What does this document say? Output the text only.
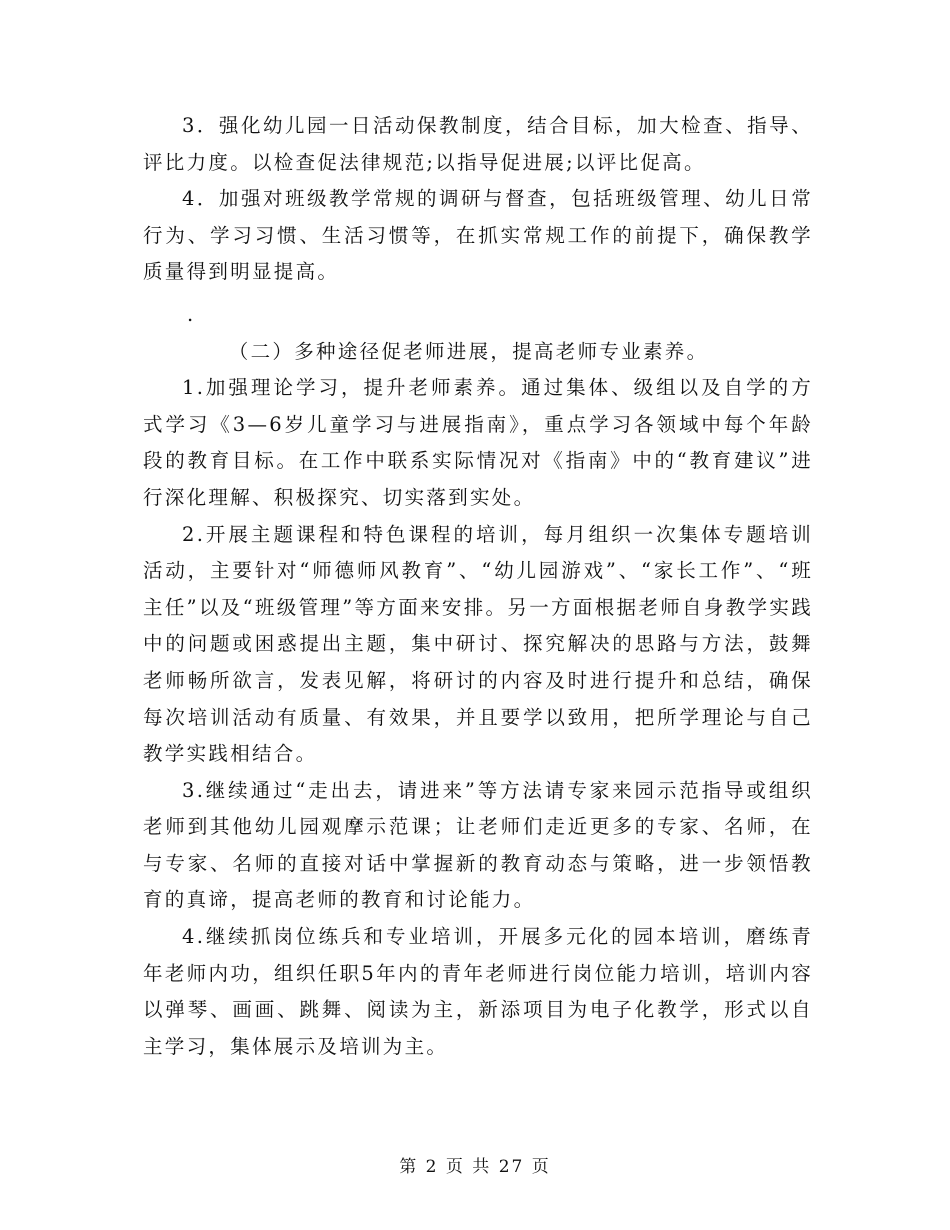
3．强化幼儿园一日活动保教制度，结合目标，加大检查、指导、评比力度。以检查促法律规范;以指导促进展;以评比促高。

4．加强对班级教学常规的调研与督查，包括班级管理、幼儿日常行为、学习习惯、生活习惯等，在抓实常规工作的前提下，确保教学质量得到明显提高。

.

（二）多种途径促老师进展，提高老师专业素养。

1.加强理论学习，提升老师素养。通过集体、级组以及自学的方式学习《3—6岁儿童学习与进展指南》，重点学习各领域中每个年龄段的教育目标。在工作中联系实际情况对《指南》中的“教育建议”进行深化理解、积极探究、切实落到实处。

2.开展主题课程和特色课程的培训，每月组织一次集体专题培训活动，主要针对“师德师风教育”、“幼儿园游戏”、“家长工作”、“班主任”以及“班级管理”等方面来安排。另一方面根据老师自身教学实践中的问题或困惑提出主题，集中研讨、探究解决的思路与方法，鼓舞老师畅所欲言，发表见解，将研讨的内容及时进行提升和总结，确保每次培训活动有质量、有效果，并且要学以致用，把所学理论与自己教学实践相结合。

3.继续通过“走出去，请进来”等方法请专家来园示范指导或组织老师到其他幼儿园观摩示范课；让老师们走近更多的专家、名师，在与专家、名师的直接对话中掌握新的教育动态与策略，进一步领悟教育的真谛，提高老师的教育和讨论能力。

4.继续抓岗位练兵和专业培训，开展多元化的园本培训，磨练青年老师内功，组织任职5年内的青年老师进行岗位能力培训，培训内容以弹琴、画画、跳舞、阅读为主，新添项目为电子化教学，形式以自主学习，集体展示及培训为主。

第 2 页 共 27 页
